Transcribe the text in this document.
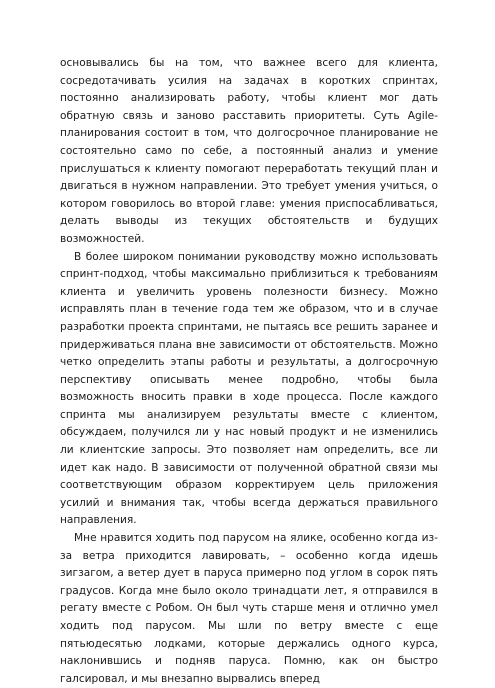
основывались бы на том, что важнее всего для клиента, сосредотачивать усилия на задачах в коротких спринтах, постоянно анализировать работу, чтобы клиент мог дать обратную связь и заново расставить приоритеты. Суть Agile-планирования состоит в том, что долгосрочное планирование не состоятельно само по себе, а постоянный анализ и умение прислушаться к клиенту помогают переработать текущий план и двигаться в нужном направлении. Это требует умения учиться, о котором говорилось во второй главе: умения приспосабливаться, делать выводы из текущих обстоятельств и будущих возможностей.

В более широком понимании руководству можно использовать спринт-подход, чтобы максимально приблизиться к требованиям клиента и увеличить уровень полезности бизнесу. Можно исправлять план в течение года тем же образом, что и в случае разработки проекта спринтами, не пытаясь все решить заранее и придерживаться плана вне зависимости от обстоятельств. Можно четко определить этапы работы и результаты, а долгосрочную перспективу описывать менее подробно, чтобы была возможность вносить правки в ходе процесса. После каждого спринта мы анализируем результаты вместе с клиентом, обсуждаем, получился ли у нас новый продукт и не изменились ли клиентские запросы. Это позволяет нам определить, все ли идет как надо. В зависимости от полученной обратной связи мы соответствующим образом корректируем цель приложения усилий и внимания так, чтобы всегда держаться правильного направления.

Мне нравится ходить под парусом на ялике, особенно когда из-за ветра приходится лавировать, – особенно когда идешь зигзагом, а ветер дует в паруса примерно под углом в сорок пять градусов. Когда мне было около тринадцати лет, я отправился в регату вместе с Робом. Он был чуть старше меня и отлично умел ходить под парусом. Мы шли по ветру вместе с еще пятьюдесятью лодками, которые держались одного курса, наклонившись и подняв паруса. Помню, как он быстро галсировал, и мы внезапно вырвались вперед
